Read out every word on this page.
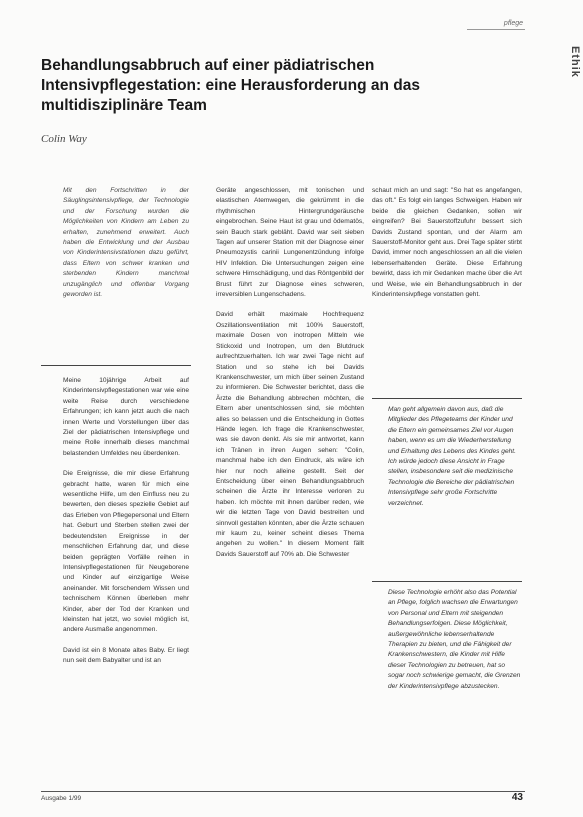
pflege
Ethik
Behandlungsabbruch auf einer pädiatrischen Intensivpflegestation: eine Herausforderung an das multidisziplinäre Team
Colin Way

Mit den Fortschritten in der Säuglingsintensivpflege, der Technologie und der Forschung wurden die Möglichkeiten von Kindern am Leben zu erhalten, zunehmend erweitert. Auch haben die Entwicklung und der Ausbau von Kinderintensivstationen dazu geführt, dass Eltern von schwer kranken und sterbenden Kindern manchmal unzugänglich und offenbar Vorgang geworden ist.

Meine 10jährige Arbeit auf Kinderintensivpflegestationen war wie eine weite Reise durch verschiedene Erfahrungen; ich kann jetzt auch die nach innen Werte und Vorstellungen über das Ziel der pädiatrischen Intensivpflege und meine Rolle innerhalb dieses manchmal belastenden Umfeldes neu überdenken.

Die Ereignisse, die mir diese Erfahrung gebracht hatte, waren für mich eine wesentliche Hilfe, um den Einfluss neu zu bewerten, den dieses spezielle Gebiet auf das Erleben von Pflegepersonal und Eltern hat. Geburt und Sterben stellen zwei der bedeutendsten Ereignisse in der menschlichen Erfahrung dar, und diese beiden geprägten Vorfälle reihen in Intensivpflegestationen für Neugeborene und Kinder auf einzigartige Weise aneinander. Mit forschendem Wissen und technischem Können überleben mehr Kinder, aber der Tod der Kranken und kleinsten hat jetzt, wo soviel möglich ist, andere Ausmaße angenommen.

David ist ein 8 Monate altes Baby. Er liegt nun seit dem Babyalter und ist an

Geräte angeschlossen, mit tonischen und elastischen Atemwegen, die gekrümmt in die rhythmischen Hintergrundgeräusche eingebrochen. Seine Haut ist grau und ödematös, sein Bauch stark gebläht. David war seit sieben Tagen auf unserer Station mit der Diagnose einer Pneumozystis carinii Lungenentzündung infolge HIV Infektion. Die Untersuchungen zeigen eine schwere Hirnschädigung, und das Röntgenbild der Brust führt zur Diagnose eines schweren, irreversiblen Lungenschadens.

David erhält maximale Hochfrequenz Oszillationsventilation mit 100% Sauerstoff, maximale Dosen von inotropen Mitteln wie Stickoxid und Inotropen, um den Blutdruck aufrechtzuerhalten. Ich war zwei Tage nicht auf Station und so stehe ich bei Davids Krankenschwester, um mich über seinen Zustand zu informieren. Die Schwester berichtet, dass die Ärzte die Behandlung abbrechen möchten, die Eltern aber unentschlossen sind, sie möchten alles so belassen und die Entscheidung in Gottes Hände legen. Ich frage die Krankenschwester, was sie davon denkt. Als sie mir antwortet, kann ich Tränen in ihren Augen sehen: "Colin, manchmal habe ich den Eindruck, als wäre ich hier nur noch alleine gestellt. Seit der Entscheidung über einen Behandlungsabbruch scheinen die Ärzte ihr Interesse verloren zu haben. Ich möchte mit ihnen darüber reden, wie wir die letzten Tage von David bestreiten und sinnvoll gestalten könnten, aber die Ärzte schauen mir kaum zu, keiner scheint dieses Thema angehen zu wollen." In diesem Moment fällt Davids Sauerstoff auf 70% ab. Die Schwester

schaut mich an und sagt: "So hat es angefangen, das oft." Es folgt ein langes Schweigen. Haben wir beide die gleichen Gedanken, sollen wir eingreifen? Bei Sauerstoffzufuhr bessert sich Davids Zustand spontan, und der Alarm am Sauerstoff-Monitor geht aus. Drei Tage später stirbt David, immer noch angeschlossen an all die vielen lebenserhaltenden Geräte. Diese Erfahrung bewirkt, dass ich mir Gedanken mache über die Art und Weise, wie ein Behandlungsabbruch in der Kinderintensivpflege vonstatten geht.

Man geht allgemein davon aus, daß die Mitglieder des Pflegeteams der Kinder und die Eltern ein gemeinsames Ziel vor Augen haben, wenn es um die Wiederherstellung und Erhaltung des Lebens des Kindes geht. Ich würde jedoch diese Ansicht in Frage stellen, insbesondere seit die medizinische Technologie die Bereiche der pädiatrischen Intensivpflege sehr große Fortschritte verzeichnet.
Diese Technologie erhöht also das Potential an Pflege, folglich wachsen die Erwartungen von Personal und Eltern mit steigenden Behandlungserfolgen. Diese Möglichkeit, außergewöhnliche lebenserhaltende Therapien zu bieten, und die Fähigkeit der Krankenschwestern, die Kinder mit Hilfe dieser Technologien zu betreuen, hat so sogar noch schwierige gemacht, die Grenzen der Kinderintensivpflege abzustecken.
Ausgabe 1/99	43
